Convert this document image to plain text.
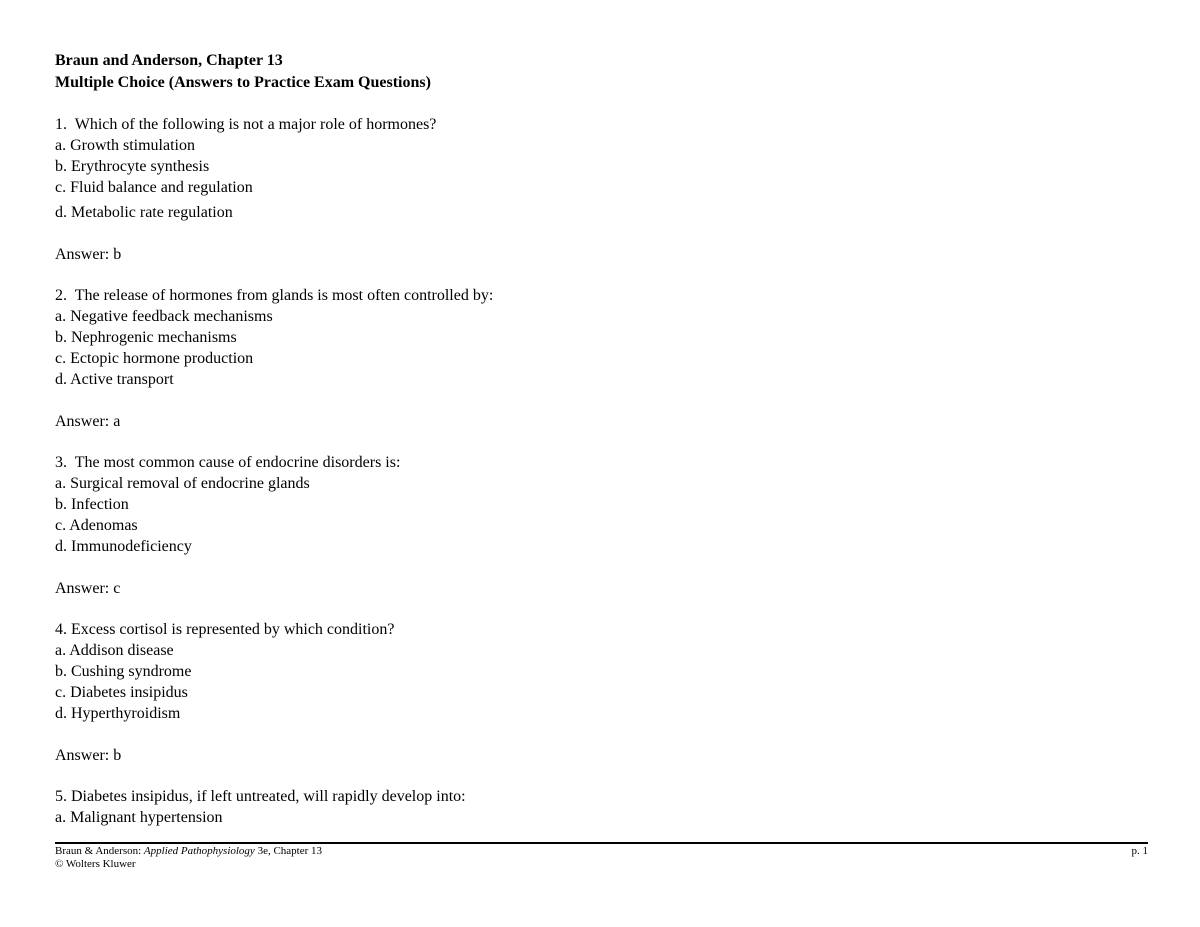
Braun and Anderson, Chapter 13
Multiple Choice (Answers to Practice Exam Questions)
1.  Which of the following is not a major role of hormones?
a. Growth stimulation
b. Erythrocyte synthesis
c. Fluid balance and regulation
d. Metabolic rate regulation
Answer: b
2.  The release of hormones from glands is most often controlled by:
a. Negative feedback mechanisms
b. Nephrogenic mechanisms
c. Ectopic hormone production
d. Active transport
Answer: a
3.  The most common cause of endocrine disorders is:
a. Surgical removal of endocrine glands
b. Infection
c. Adenomas
d. Immunodeficiency
Answer: c
4. Excess cortisol is represented by which condition?
a. Addison disease
b. Cushing syndrome
c. Diabetes insipidus
d. Hyperthyroidism
Answer: b
5. Diabetes insipidus, if left untreated, will rapidly develop into:
a. Malignant hypertension
Braun & Anderson: Applied Pathophysiology 3e, Chapter 13
© Wolters Kluwer
p. 1
